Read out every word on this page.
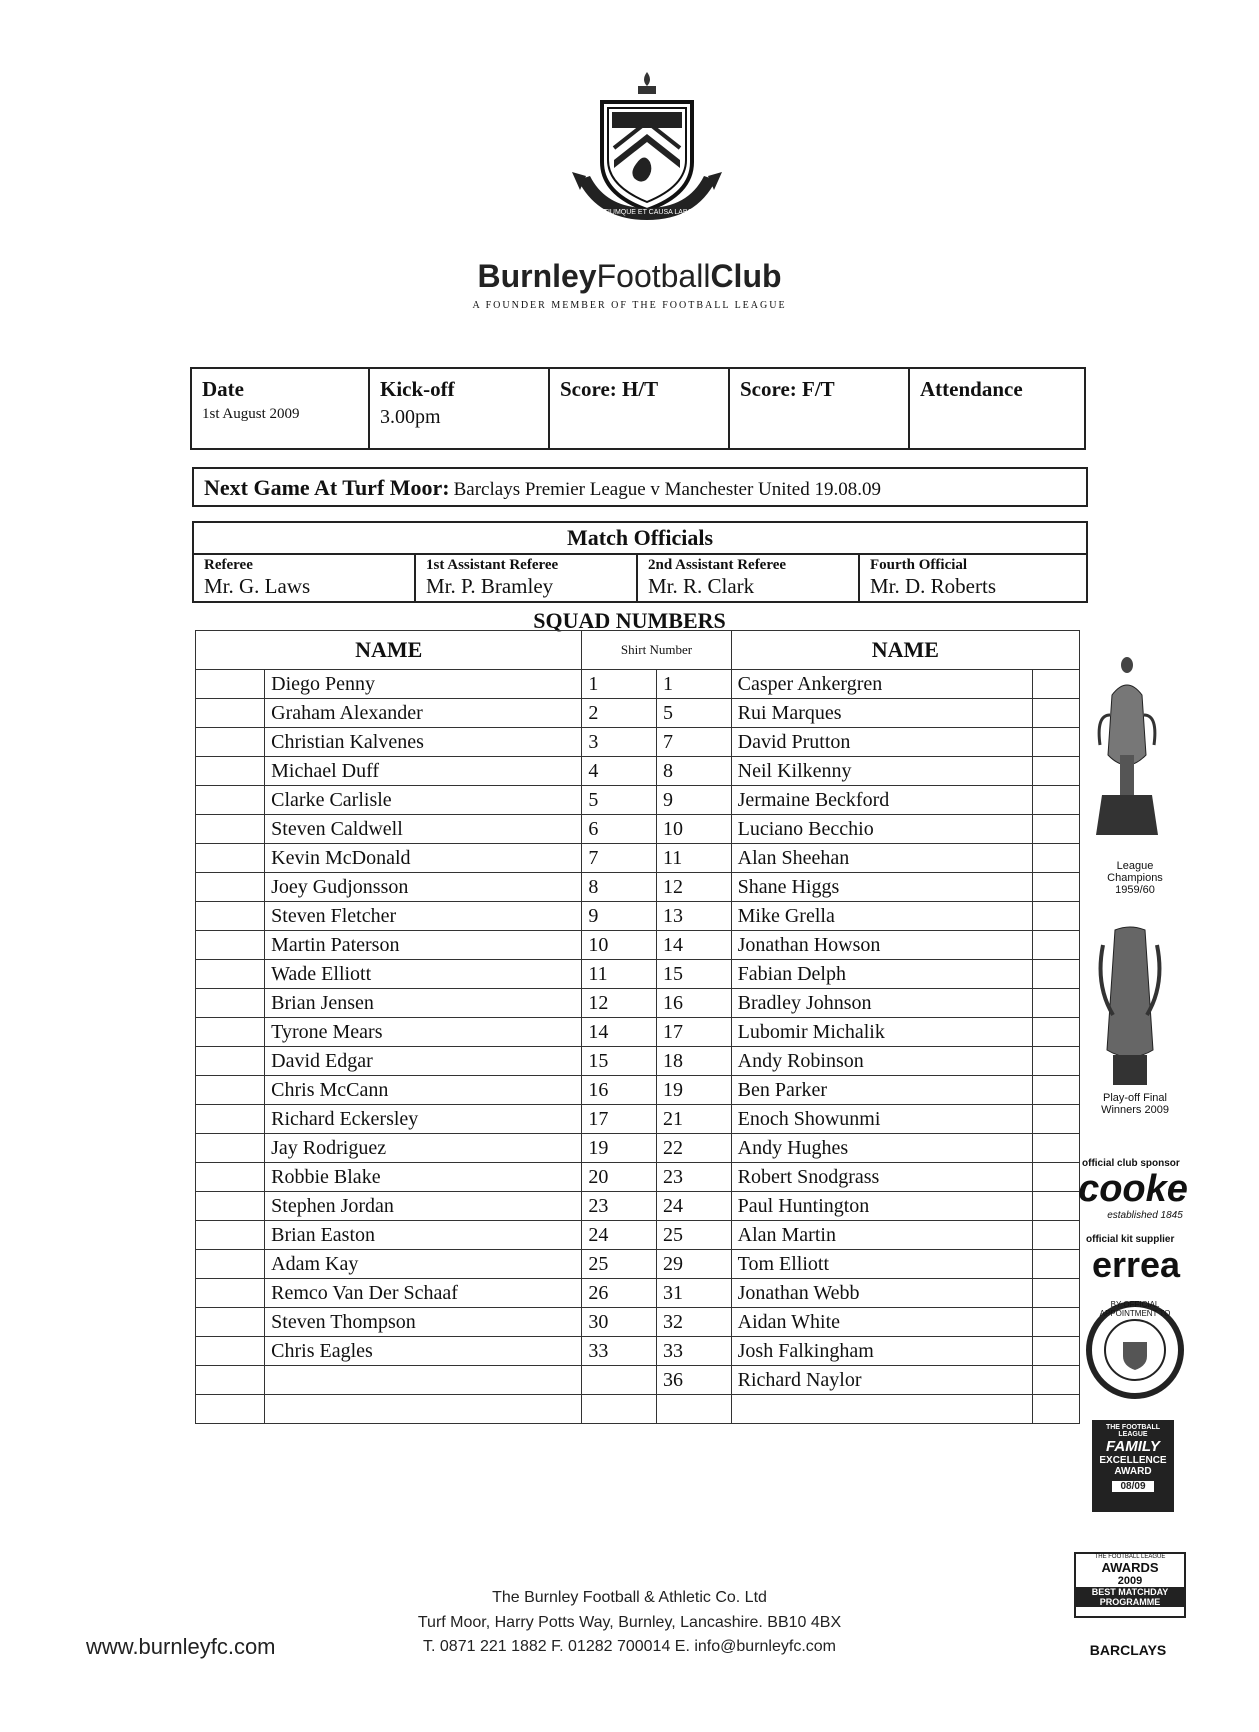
PRETIUMQUE ET CAUSA LABORIS
BurnleyFootballClub
A FOUNDER MEMBER OF THE FOOTBALL LEAGUE
Date
1st August 2009
Kick-off
3.00pm
Score: H/T	Score: F/T	Attendance
Next Game At Turf Moor: Barclays Premier League v Manchester United 19.08.09
Match Officials
Referee
Mr. G. Laws
1st Assistant Referee
Mr. P. Bramley
2nd Assistant Referee
Mr. R. Clark
Fourth Official
Mr. D. Roberts
SQUAD NUMBERS
NAME		Shirt Number		NAME	
	Diego Penny	1	1	Casper Ankergren	
	Graham Alexander	2	5	Rui Marques	
	Christian Kalvenes	3	7	David Prutton	
	Michael Duff	4	8	Neil Kilkenny	
	Clarke Carlisle	5	9	Jermaine Beckford	
	Steven Caldwell	6	10	Luciano Becchio	
	Kevin McDonald	7	11	Alan Sheehan	
	Joey Gudjonsson	8	12	Shane Higgs	
	Steven Fletcher	9	13	Mike Grella	
	Martin Paterson	10	14	Jonathan Howson	
	Wade Elliott	11	15	Fabian Delph	
	Brian Jensen	12	16	Bradley Johnson	
	Tyrone Mears	14	17	Lubomir Michalik	
	David Edgar	15	18	Andy Robinson	
	Chris McCann	16	19	Ben Parker	
	Richard Eckersley	17	21	Enoch Showunmi	
	Jay Rodriguez	19	22	Andy Hughes	
	Robbie Blake	20	23	Robert Snodgrass	
	Stephen Jordan	23	24	Paul Huntington	
	Brian Easton	24	25	Alan Martin	
	Adam Kay	25	29	Tom Elliott	
	Remco Van Der Schaaf	26	31	Jonathan Webb	
	Steven Thompson	30	32	Aidan White	
	Chris Eagles	33	33	Josh Falkingham	
			36	Richard Naylor	

League Champions 1959/60
Play-off Final Winners 2009
official club sponsor
cooke
established 1845
official kit supplier
errea
BY OFFICIAL APPOINTMENT TO
THE FOOTBALL LEAGUE
FAMILY
EXCELLENCE
AWARD
08/09
THE FOOTBALL LEAGUE
AWARDS
2009
BEST MATCHDAY PROGRAMME
BARCLAYS
The Burnley Football & Athletic Co. Ltd
Turf Moor, Harry Potts Way, Burnley, Lancashire. BB10 4BX
T. 0871 221 1882 F. 01282 700014 E. info@burnleyfc.com
www.burnleyfc.com
